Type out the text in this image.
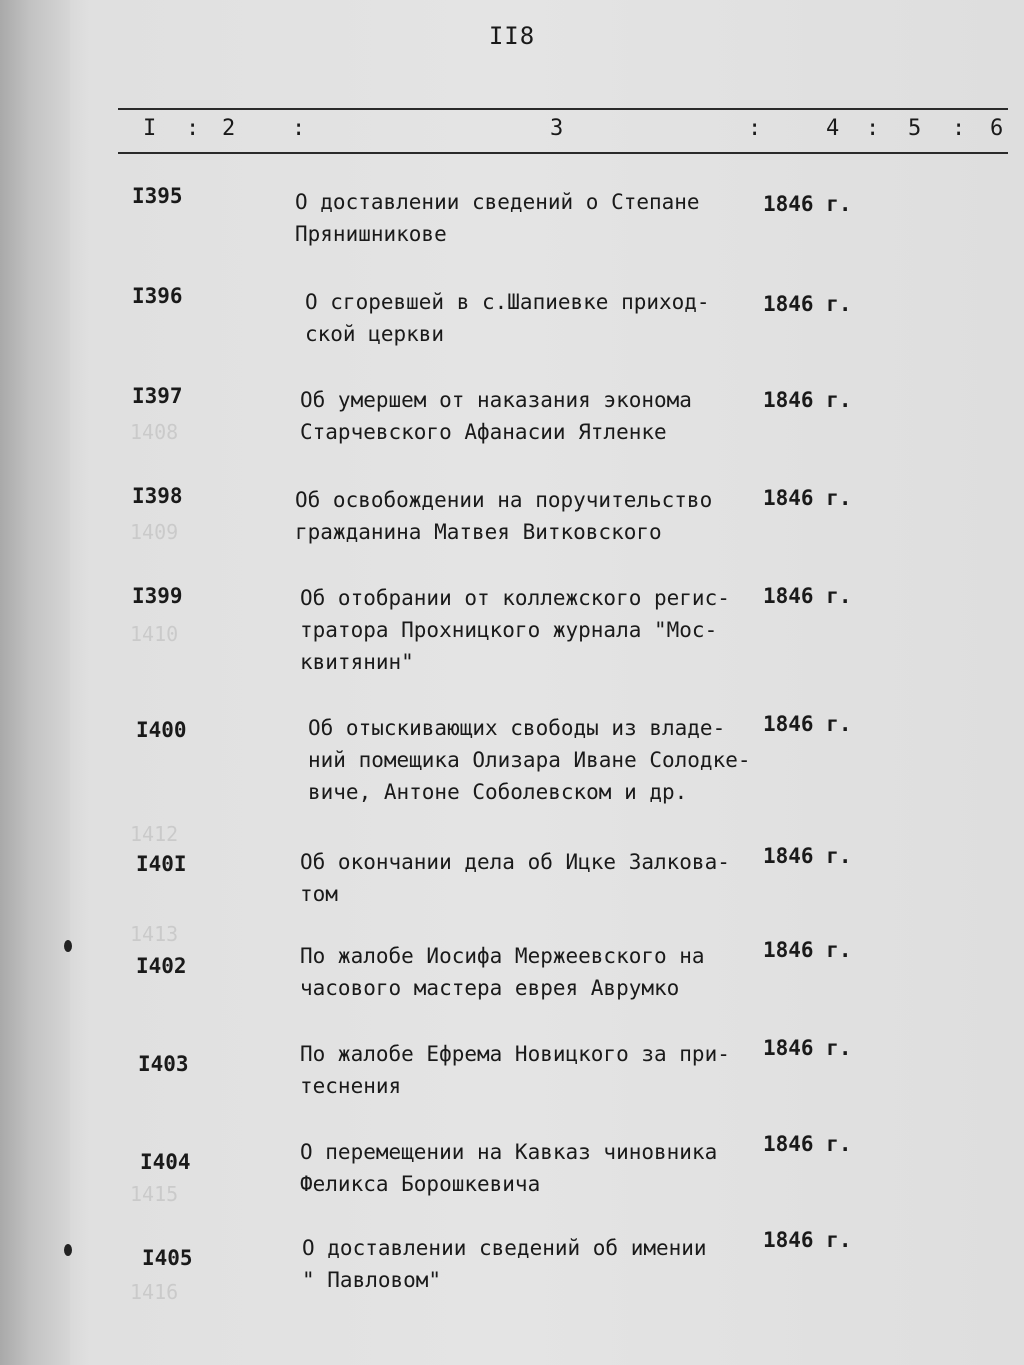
1408
1409
1410
1412
1413
1415
1416
II8
I : 2	:	3	:	4 : 5 : 6
I395	О доставлении сведений о Степане
Прянишникове
1846 г.
I396	О сгоревшей в с.Шапиевке приход-
ской церкви
1846 г.
I397	Об умершем от наказания эконома
Старчевского Афанасии Ятленке
1846 г.
I398	Об освобождении на поручительство
гражданина Матвея Витковского
1846 г.
I399	Об отобрании от коллежского регис-
тратора Прохницкого журнала "Мос-
квитянин"
1846 г.
I400	Об отыскивающих свободы из владе-
ний помещика Олизара Иване Солодке-
виче, Антоне Соболевском и др.
1846 г.
I40I	Об окончании дела об Ицке Залкова-
том
1846 г.
I402	По жалобе Иосифа Мержеевского на
часового мастера еврея Аврумко
1846 г.
I403	По жалобе Ефрема Новицкого за при-
теснения
1846 г.
I404	О перемещении на Кавказ чиновника
Феликса Борошкевича
1846 г.
I405	О доставлении сведений об имении
" Павловом"
1846 г.
